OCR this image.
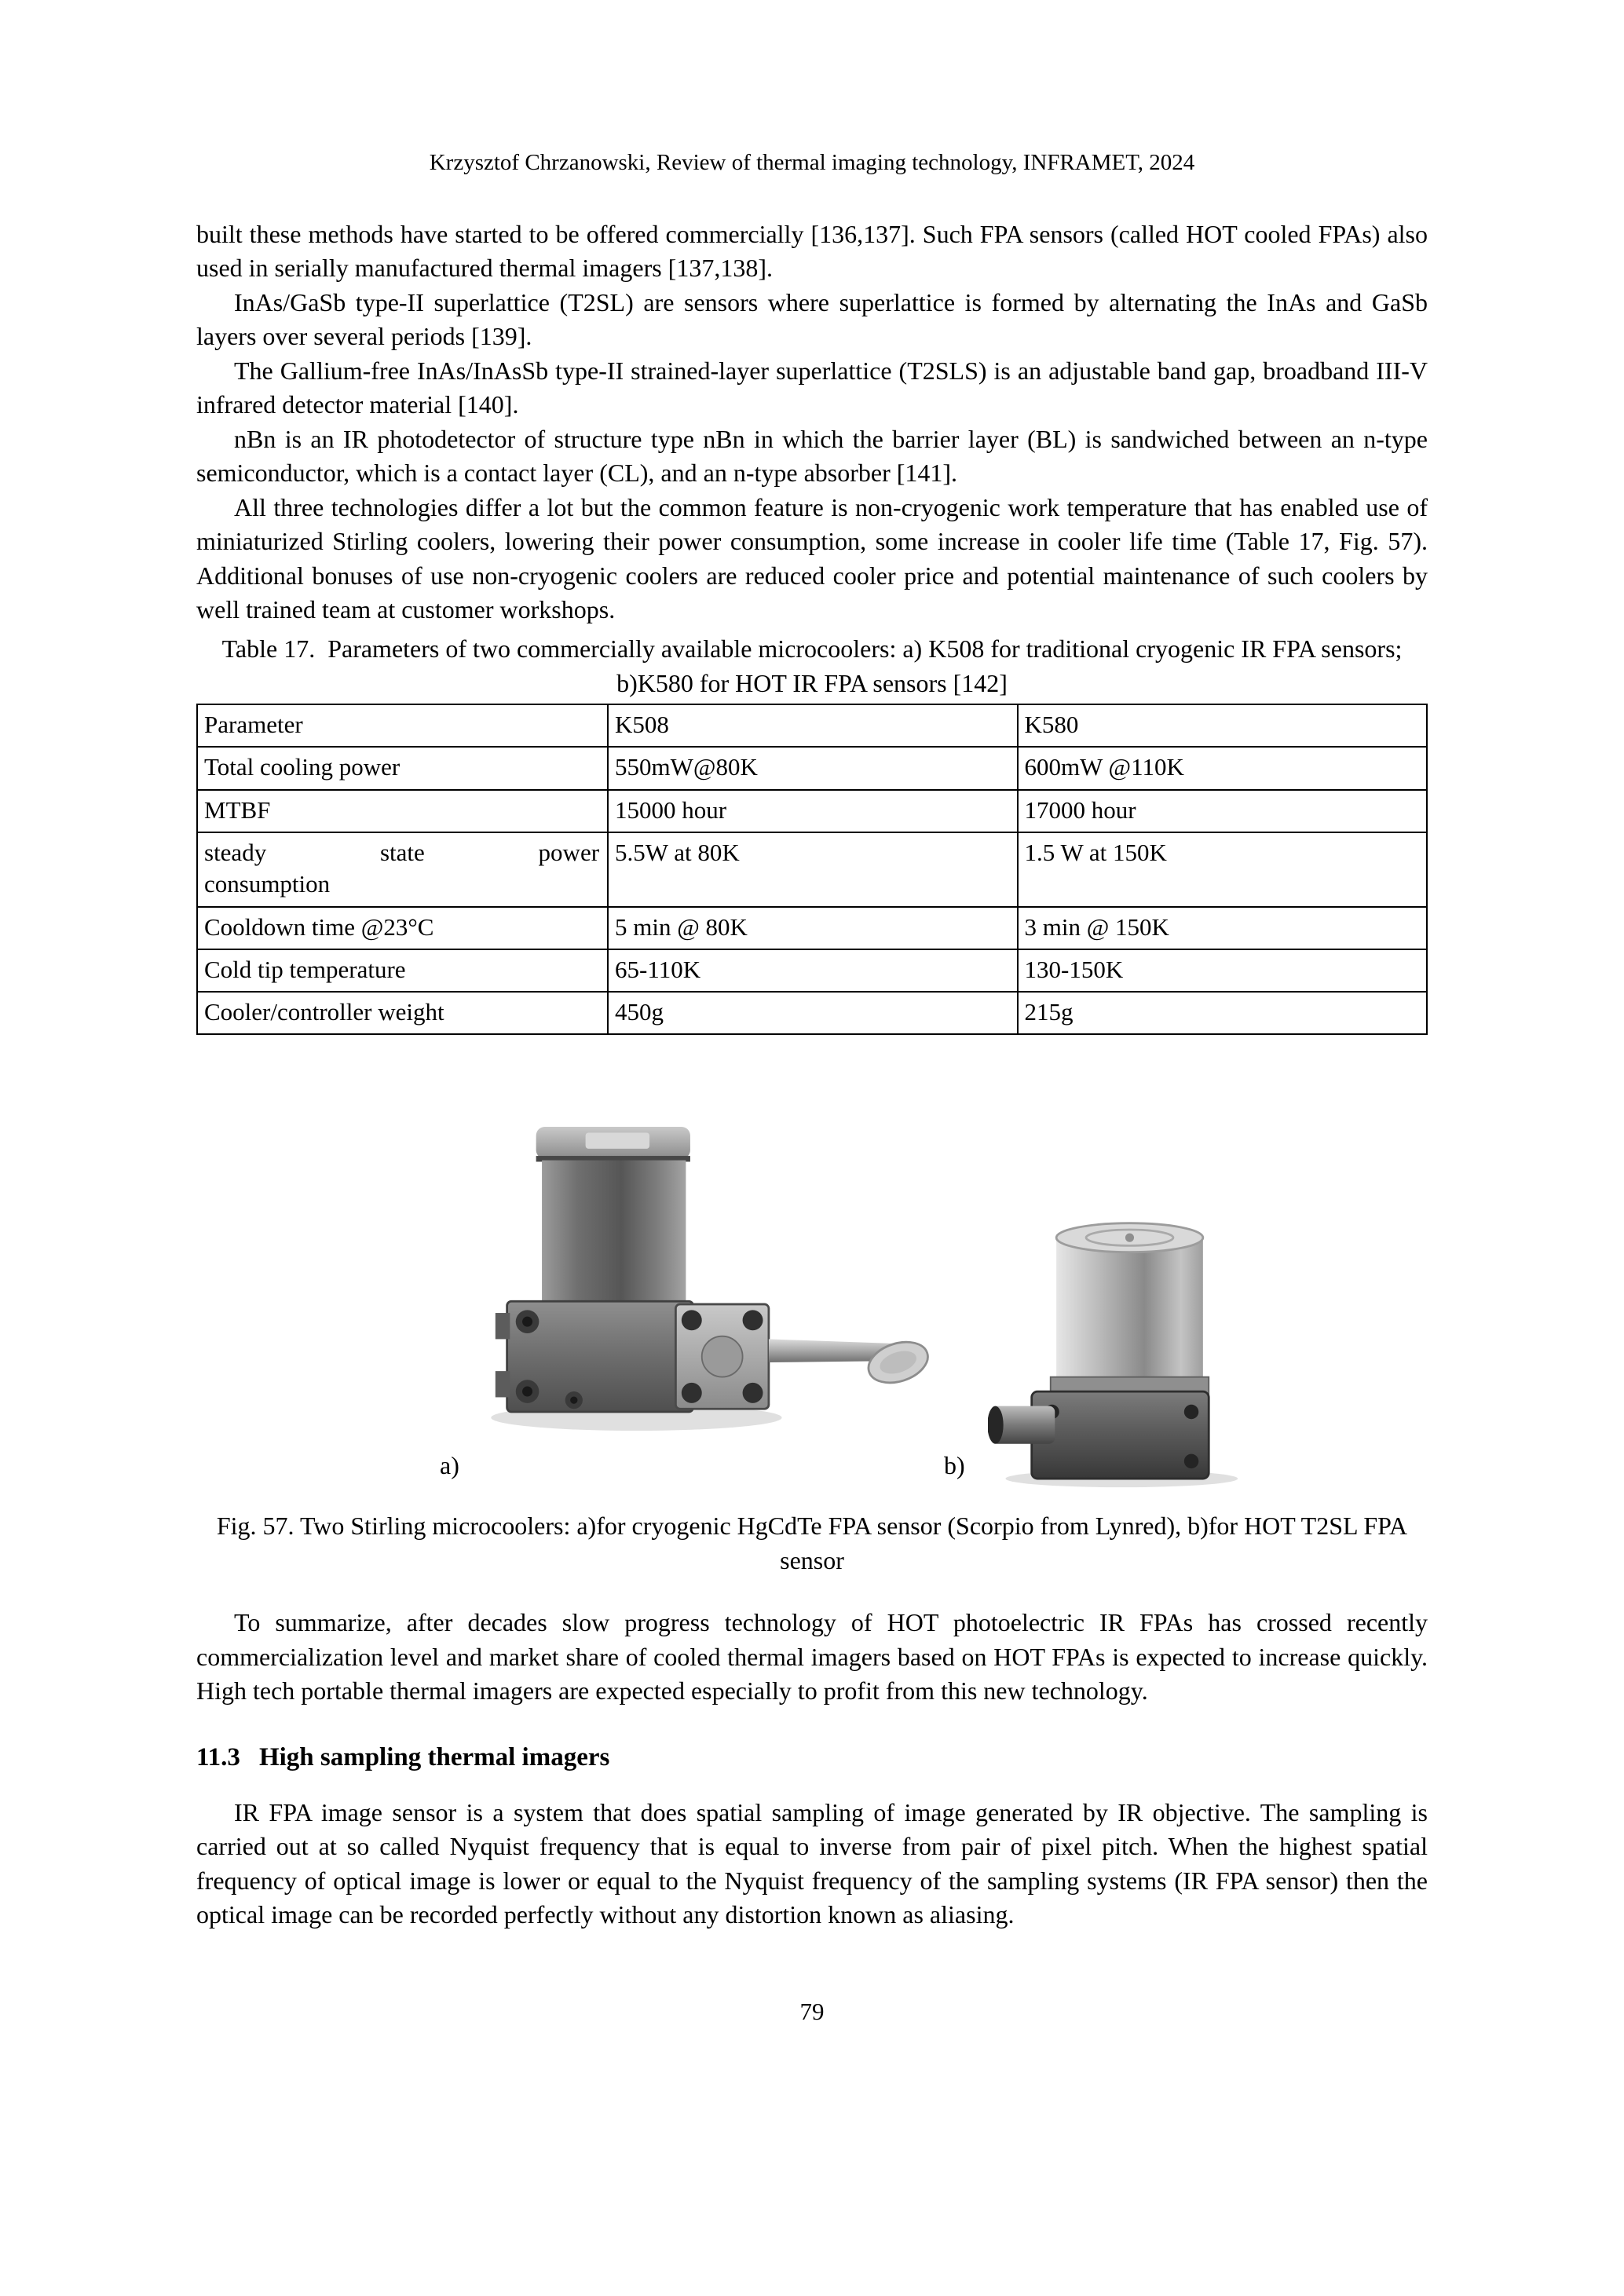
Krzysztof Chrzanowski, Review of thermal imaging technology, INFRAMET, 2024

built these methods have started to be offered commercially [136,137]. Such FPA sensors (called HOT cooled FPAs) also used in serially manufactured thermal imagers [137,138].

InAs/GaSb type-II superlattice (T2SL) are sensors where superlattice is formed by alternating the InAs and GaSb layers over several periods [139].

The Gallium-free InAs/InAsSb type-II strained-layer superlattice (T2SLS) is an adjustable band gap, broadband III-V infrared detector material [140].

nBn is an IR photodetector of structure type nBn in which the barrier layer (BL) is sandwiched between an n-type semiconductor, which is a contact layer (CL), and an n-type absorber [141].

All three technologies differ a lot but the common feature is non-cryogenic work temperature that has enabled use of miniaturized Stirling coolers, lowering their power consumption, some increase in cooler life time (Table 17, Fig. 57). Additional bonuses of use non-cryogenic coolers are reduced cooler price and potential maintenance of such coolers by well trained team at customer workshops.

Table 17.  Parameters of two commercially available microcoolers: a) K508 for traditional cryogenic IR FPA sensors; b)K580 for HOT IR FPA sensors [142]
Parameter	K508	K580
Total cooling power	550mW@80K	600mW @110K
MTBF	15000 hour	17000 hour

steady state power
consumption	5.5W at 80K	1.5 W at 150K
Cooldown time @23°C	5 min @ 80K	3 min @ 150K
Cold tip temperature	65-110K	130-150K
Cooler/controller weight	450g	215g
a)	b)
Fig. 57. Two Stirling microcoolers: a)for cryogenic HgCdTe FPA sensor (Scorpio from Lynred), b)for HOT T2SL FPA sensor

To summarize, after decades slow progress technology of HOT photoelectric IR FPAs has crossed recently commercialization level and market share of cooled thermal imagers based on HOT FPAs is expected to increase quickly. High tech portable thermal imagers are expected especially to profit from this new technology.

11.3 High sampling thermal imagers

IR FPA image sensor is a system that does spatial sampling of image generated by IR objective. The sampling is carried out at so called Nyquist frequency that is equal to inverse from pair of pixel pitch. When the highest spatial frequency of optical image is lower or equal to the Nyquist frequency of the sampling systems (IR FPA sensor) then the optical image can be recorded perfectly without any distortion known as aliasing.

79
